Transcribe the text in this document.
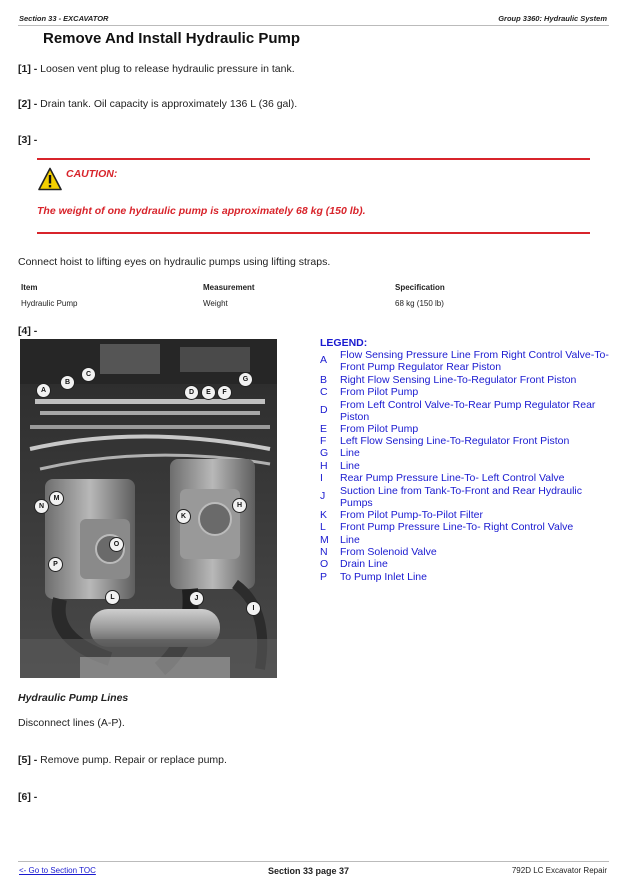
Section 33 - EXCAVATOR	Group 3360: Hydraulic System
Remove And Install Hydraulic Pump
[1] - Loosen vent plug to release hydraulic pressure in tank.
[2] - Drain tank. Oil capacity is approximately 136 L (36 gal).
[3] -
CAUTION:
The weight of one hydraulic pump is approximately 68 kg (150 lb).
Connect hoist to lifting eyes on hydraulic pumps using lifting straps.
Item	Measurement	Specification
Hydraulic Pump	Weight	68 kg (150 lb)
[4] -
A
B
C
D	E	F
G
H
I
J
K
L
M
N
O
P
LEGEND:
A	Flow Sensing Pressure Line From Right Control Valve-To-Front Pump Regulator Rear Piston
B	Right Flow Sensing Line-To-Regulator Front Piston
C	From Pilot Pump
D	From Left Control Valve-To-Rear Pump Regulator Rear Piston
E	From Pilot Pump
F	Left Flow Sensing Line-To-Regulator Front Piston
G	Line
H	Line
I	Rear Pump Pressure Line-To- Left Control Valve
J	Suction Line from Tank-To-Front and Rear Hydraulic Pumps
K	From Pilot Pump-To-Pilot Filter
L	Front Pump Pressure Line-To- Right Control Valve
M	Line
N	From Solenoid Valve
O	Drain Line
P	To Pump Inlet Line
Hydraulic Pump Lines
Disconnect lines (A-P).
[5] - Remove pump. Repair or replace pump.
[6] -
<- Go to Section TOC	Section 33 page 37	792D LC Excavator Repair
